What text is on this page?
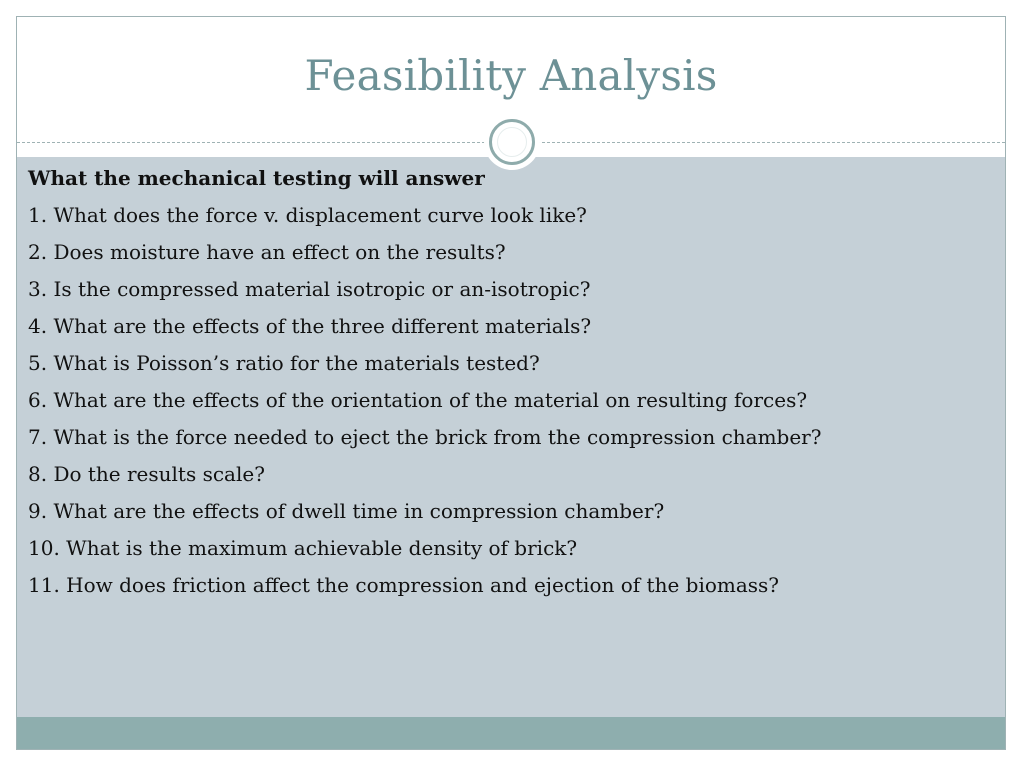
Feasibility Analysis
What the mechanical testing will answer
1. What does the force v. displacement curve look like?
2. Does moisture have an effect on the results?
3. Is the compressed material isotropic or an-isotropic?
4. What are the effects of the three different materials?
5. What is Poisson’s ratio for the materials tested?
6. What are the effects of the orientation of the material on resulting forces?
7. What is the force needed to eject the brick from the compression chamber?
8. Do the results scale?
9. What are the effects of dwell time in compression chamber?
10. What is the maximum achievable density of brick?
11. How does friction affect the compression and ejection of the biomass?
